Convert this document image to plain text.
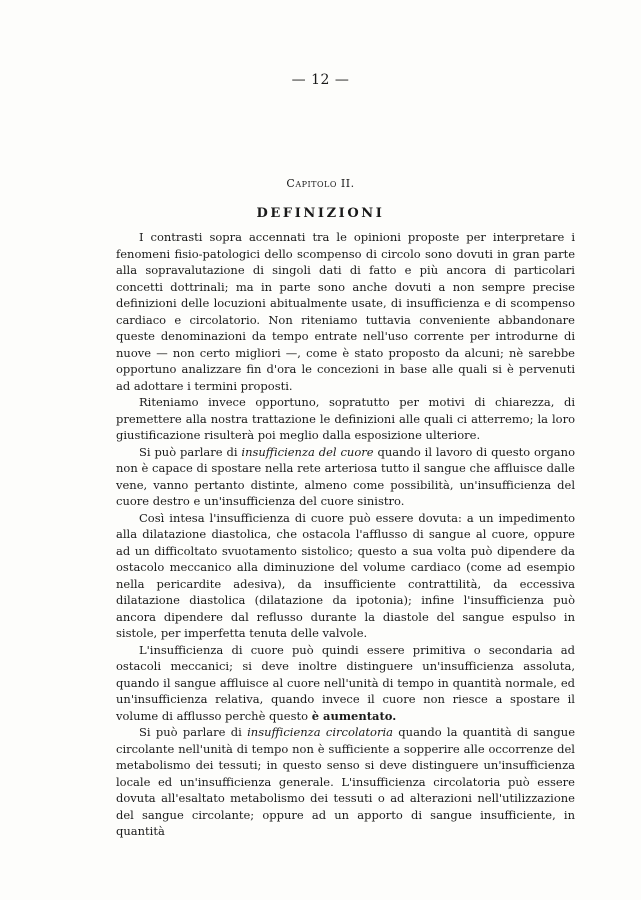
— 12 —
Capitolo II.
DEFINIZIONI

I contrasti sopra accennati tra le opinioni proposte per interpretare i fenomeni fisio-patologici dello scompenso di circolo sono dovuti in gran parte alla sopravalutazione di singoli dati di fatto e più ancora di particolari concetti dottrinali; ma in parte sono anche dovuti a non sempre precise definizioni delle locuzioni abitualmente usate, di insufficienza e di scompenso cardiaco e circolatorio. Non riteniamo tuttavia conveniente abbandonare queste denominazioni da tempo entrate nell'uso corrente per introdurne di nuove — non certo migliori —, come è stato proposto da alcuni; nè sarebbe opportuno analizzare fin d'ora le concezioni in base alle quali si è pervenuti ad adottare i termini proposti.

Riteniamo invece opportuno, sopratutto per motivi di chiarezza, di premettere alla nostra trattazione le definizioni alle quali ci atterremo; la loro giustificazione risulterà poi meglio dalla esposizione ulteriore.

Si può parlare di insufficienza del cuore quando il lavoro di questo organo non è capace di spostare nella rete arteriosa tutto il sangue che affluisce dalle vene, vanno pertanto distinte, almeno come possibilità, un'insufficienza del cuore destro e un'insufficienza del cuore sinistro.

Così intesa l'insufficienza di cuore può essere dovuta: a un impedimento alla dilatazione diastolica, che ostacola l'afflusso di sangue al cuore, oppure ad un difficoltato svuotamento sistolico; questo a sua volta può dipendere da ostacolo meccanico alla diminuzione del volume cardiaco (come ad esempio nella pericardite adesiva), da insufficiente contrattilità, da eccessiva dilatazione diastolica (dilatazione da ipotonia); infine l'insufficienza può ancora dipendere dal reflusso durante la diastole del sangue espulso in sistole, per imperfetta tenuta delle valvole.

L'insufficienza di cuore può quindi essere primitiva o secondaria ad ostacoli meccanici; si deve inoltre distinguere un'insufficienza assoluta, quando il sangue affluisce al cuore nell'unità di tempo in quantità normale, ed un'insufficienza relativa, quando invece il cuore non riesce a spostare il volume di afflusso perchè questo è aumentato.

Si può parlare di insufficienza circolatoria quando la quantità di sangue circolante nell'unità di tempo non è sufficiente a sopperire alle occorrenze del metabolismo dei tessuti; in questo senso si deve distinguere un'insufficienza locale ed un'insufficienza generale. L'insufficienza circolatoria può essere dovuta all'esaltato metabolismo dei tessuti o ad alterazioni nell'utilizzazione del sangue circolante; oppure ad un apporto di sangue insufficiente, in quantità
